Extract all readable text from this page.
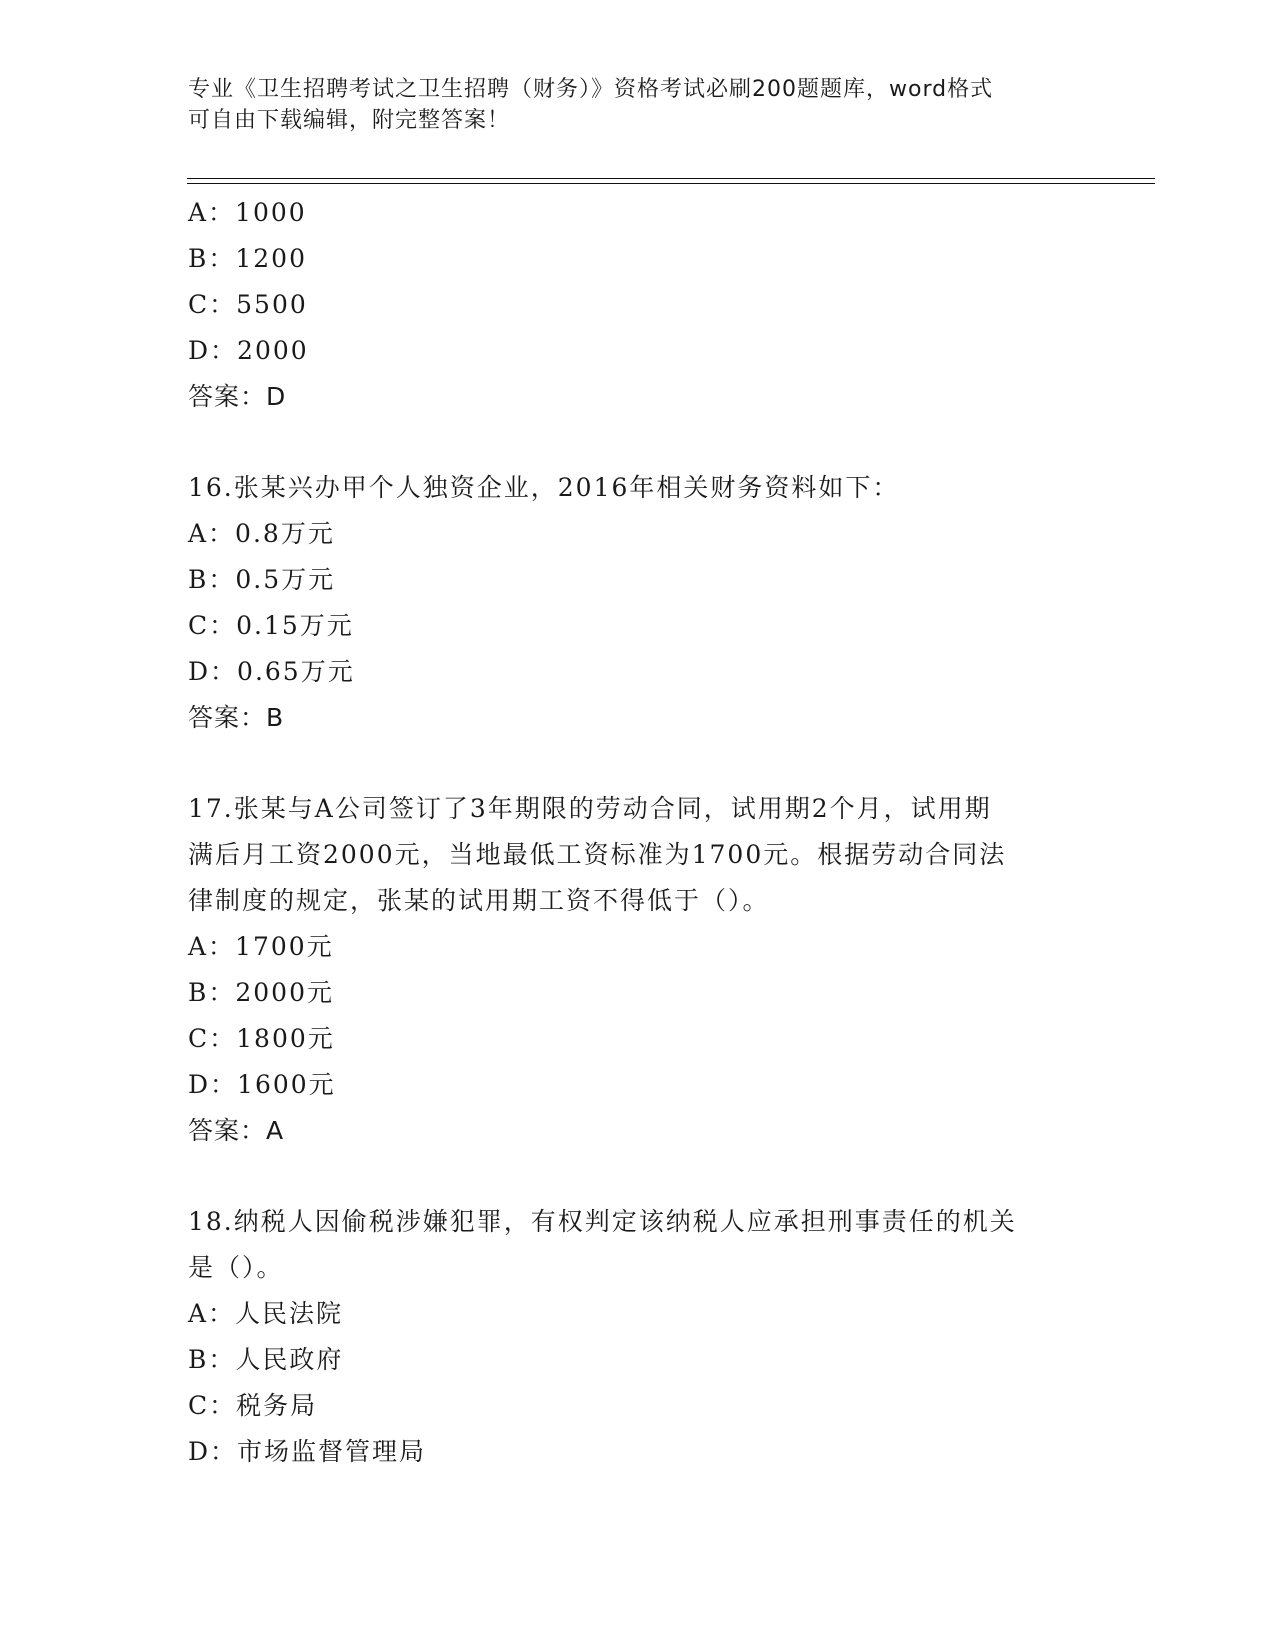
专业《卫生招聘考试之卫生招聘（财务）》资格考试必刷200题题库，word格式
可自由下载编辑，附完整答案！
A：1000
B：1200
C：5500
D：2000
答案：D
16.张某兴办甲个人独资企业，2016年相关财务资料如下：
A：0.8万元
B：0.5万元
C：0.15万元
D：0.65万元
答案：B
17.张某与A公司签订了3年期限的劳动合同，试用期2个月，试用期
满后月工资2000元，当地最低工资标准为1700元。根据劳动合同法
律制度的规定，张某的试用期工资不得低于（）。
A：1700元
B：2000元
C：1800元
D：1600元
答案：A
18.纳税人因偷税涉嫌犯罪，有权判定该纳税人应承担刑事责任的机关
是（）。
A：人民法院
B：人民政府
C：税务局
D：市场监督管理局
